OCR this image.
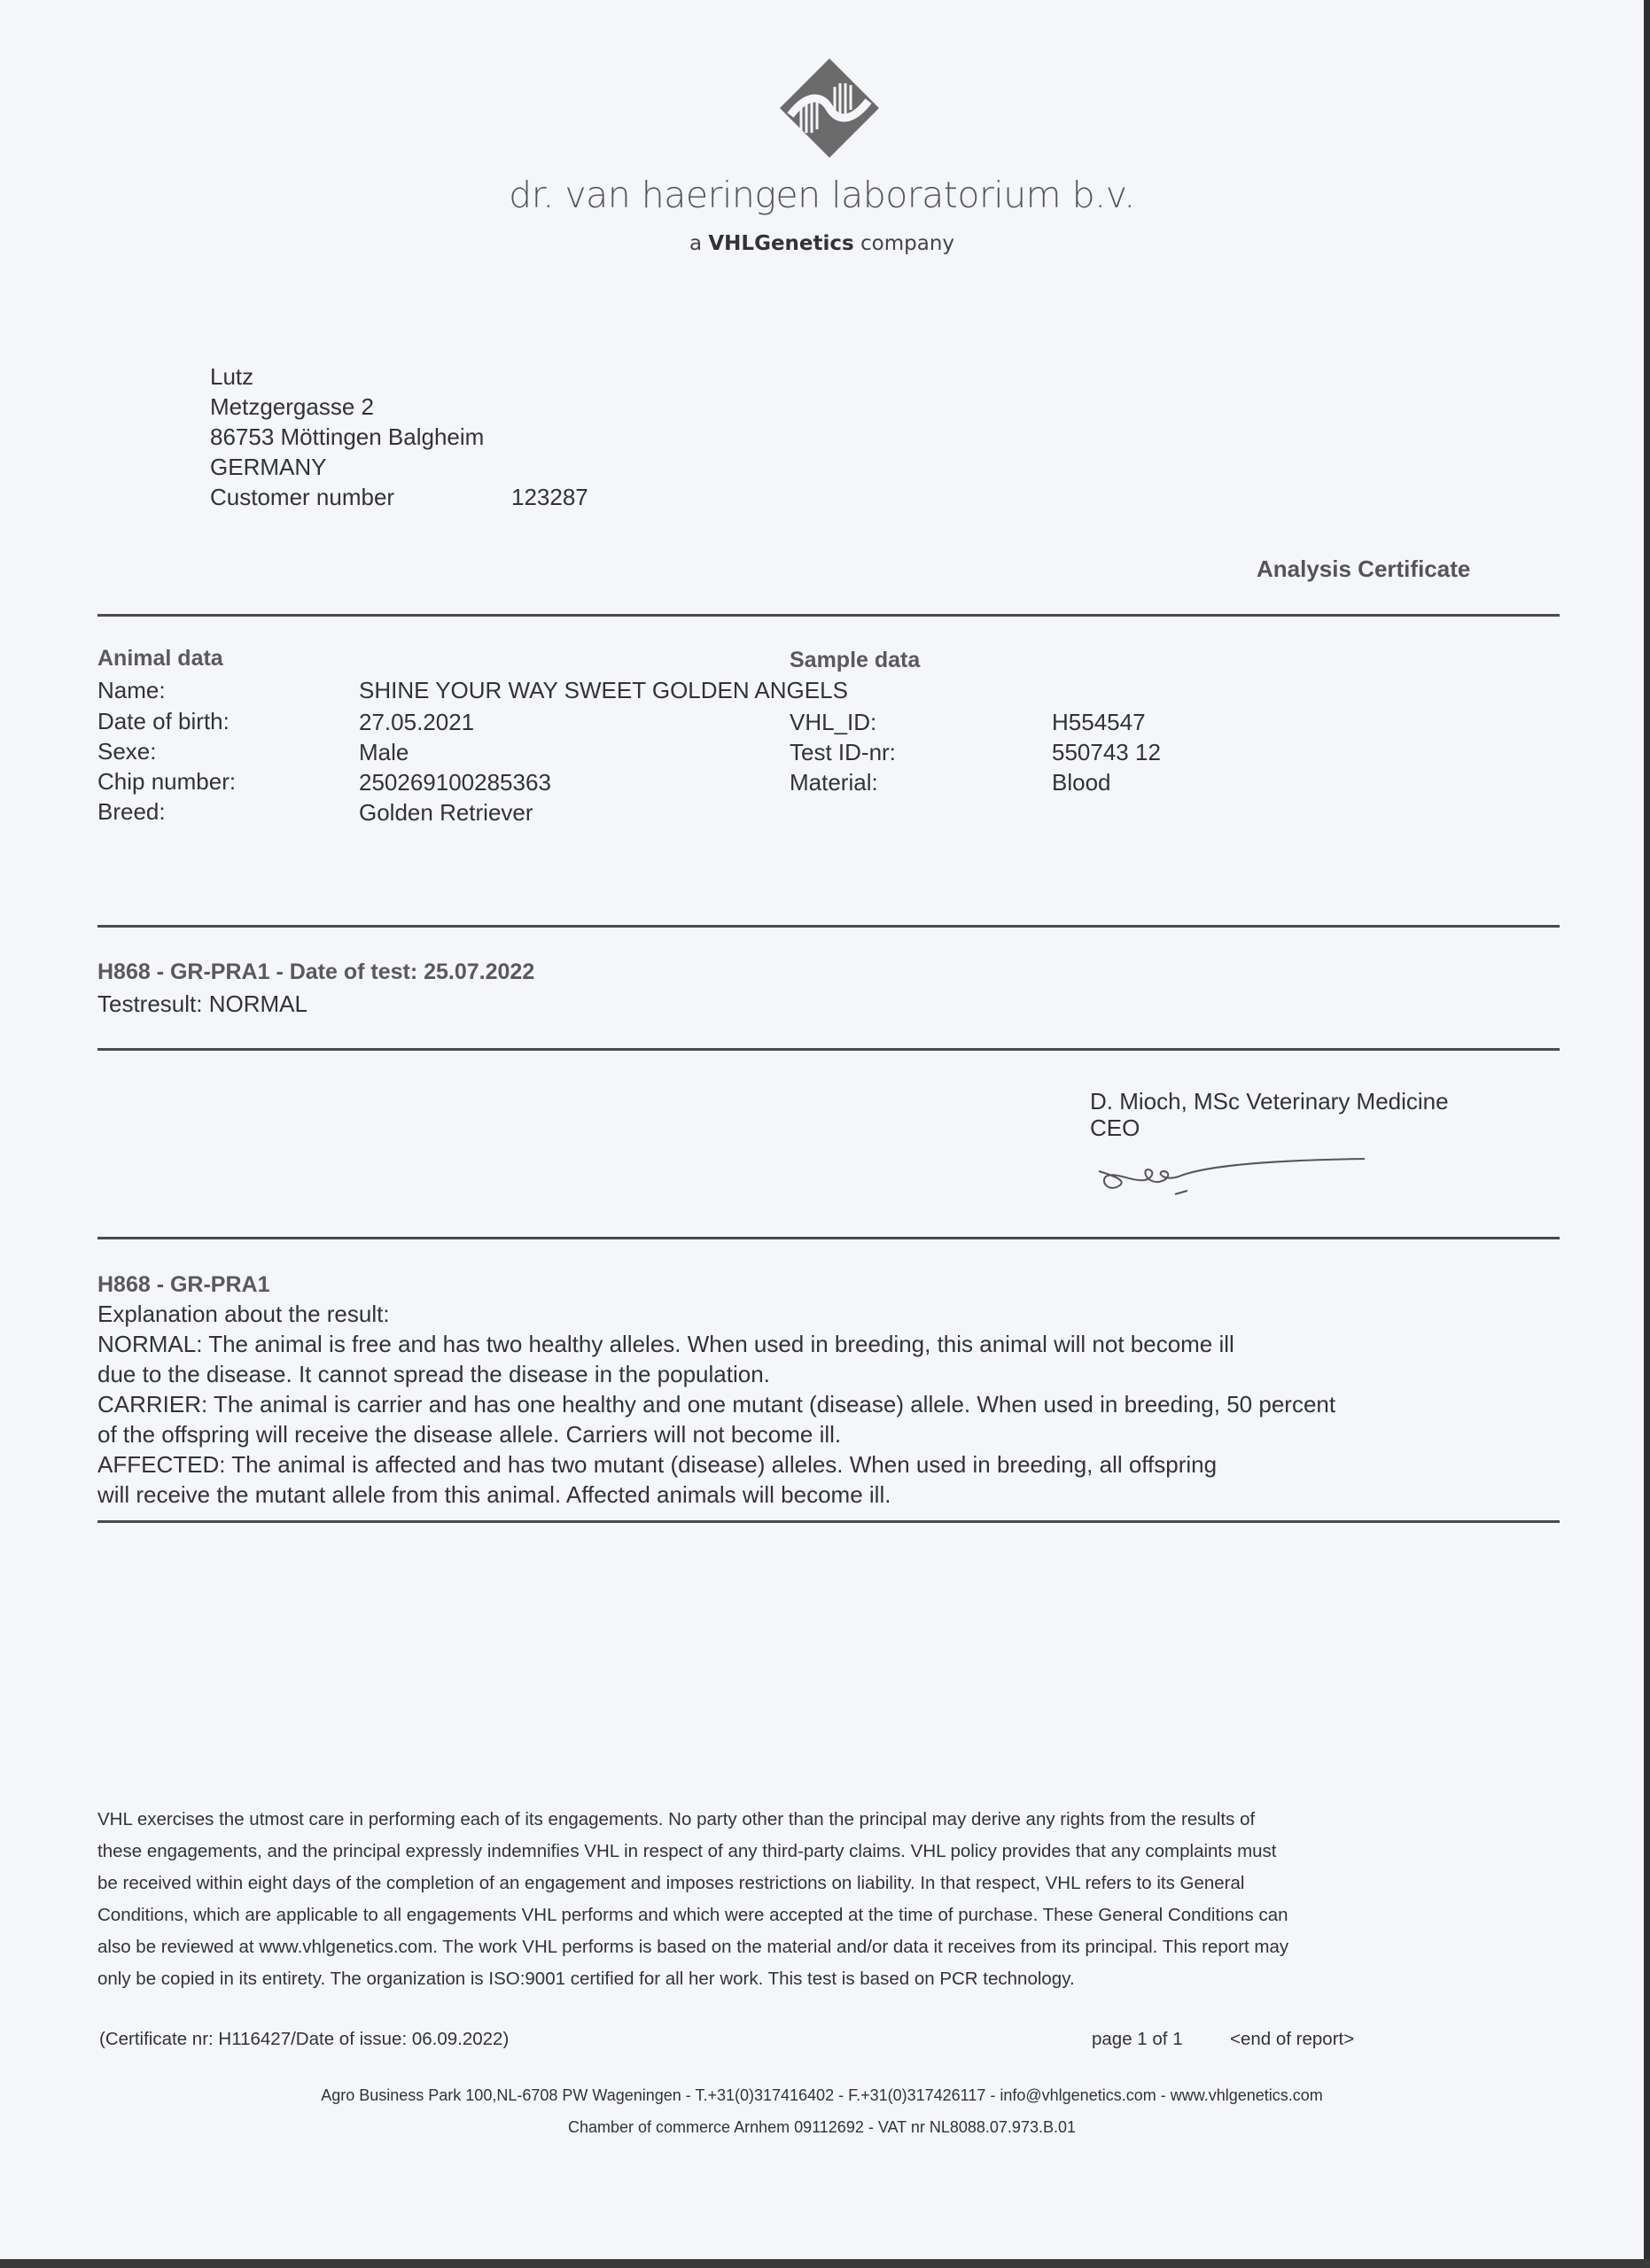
dr. van haeringen laboratorium b.v.
a VHLGenetics company
Lutz
Metzgergasse 2
86753 Möttingen Balgheim
GERMANY
Customer number	123287
Analysis Certificate
Animal data	Sample data
Name:	SHINE YOUR WAY SWEET GOLDEN ANGELS
Date of birth:	27.05.2021
Sexe:	Male
Chip number:	250269100285363
Breed:	Golden Retriever
VHL_ID:	H554547
Test ID-nr:	550743 12
Material:	Blood
H868 - GR-PRA1 - Date of test: 25.07.2022
Testresult: NORMAL
D. Mioch, MSc Veterinary Medicine
CEO
H868 - GR-PRA1
Explanation about the result:
NORMAL: The animal is free and has two healthy alleles. When used in breeding, this animal will not become ill
due to the disease. It cannot spread the disease in the population.
CARRIER: The animal is carrier and has one healthy and one mutant (disease) allele. When used in breeding, 50 percent
of the offspring will receive the disease allele. Carriers will not become ill.
AFFECTED: The animal is affected and has two mutant (disease) alleles. When used in breeding, all offspring
will receive the mutant allele from this animal. Affected animals will become ill.
VHL exercises the utmost care in performing each of its engagements. No party other than the principal may derive any rights from the results of
these engagements, and the principal expressly indemnifies VHL in respect of any third-party claims. VHL policy provides that any complaints must
be received within eight days of the completion of an engagement and imposes restrictions on liability. In that respect, VHL refers to its General
Conditions, which are applicable to all engagements VHL performs and which were accepted at the time of purchase. These General Conditions can
also be reviewed at www.vhlgenetics.com. The work VHL performs is based on the material and/or data it receives from its principal. This report may
only be copied in its entirety. The organization is ISO:9001 certified for all her work. This test is based on PCR technology.
(Certificate nr: H116427/Date of issue: 06.09.2022)	page 1 of 1	<end of report>
Agro Business Park 100,NL-6708 PW Wageningen - T.+31(0)317416402 - F.+31(0)317426117 - info@vhlgenetics.com - www.vhlgenetics.com
Chamber of commerce Arnhem 09112692 - VAT nr NL8088.07.973.B.01
